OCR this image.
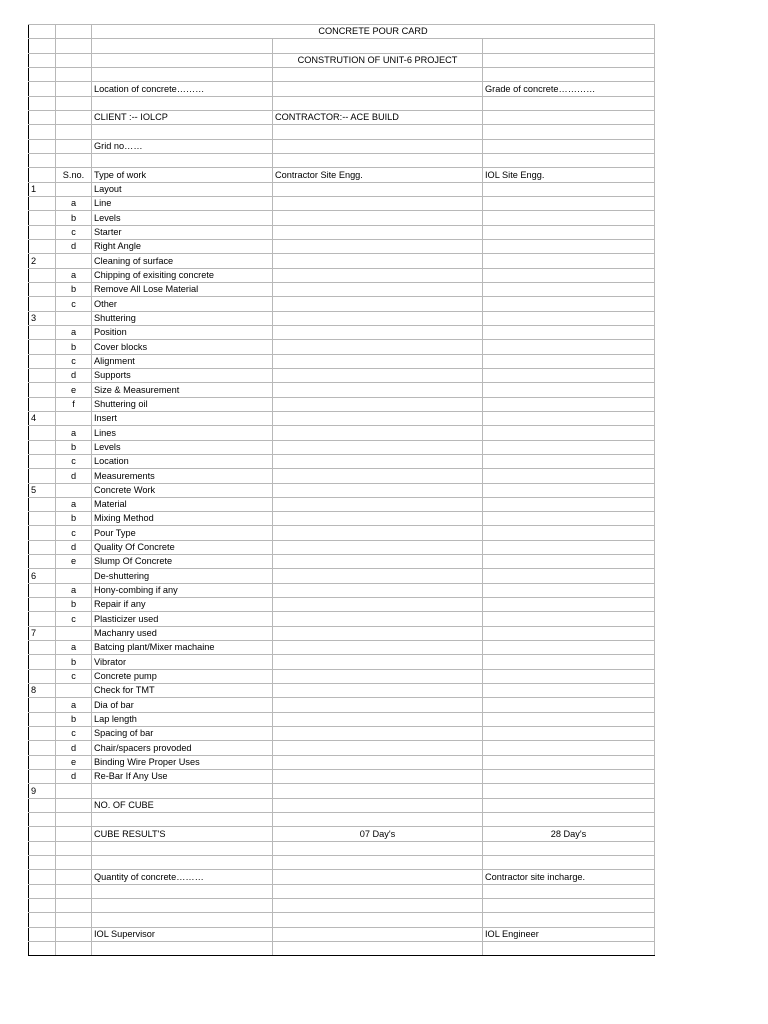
		CONCRETE POUR CARD		

			CONSTRUTION OF UNIT-6 PROJECT	

		Location of concrete………		Grade of concrete…………

		CLIENT :-- IOLCP	CONTRACTOR:-- ACE BUILD	

		Grid no……		

	S.no.	Type of work	Contractor Site Engg.	IOL Site Engg.
1		Layout		
	a	Line		
	b	Levels		
	c	Starter		
	d	Right Angle		
2		Cleaning of surface		
	a	Chipping of exisiting concrete		
	b	Remove All Lose Material		
	c	Other		
3		Shuttering		
	a	Position		
	b	Cover blocks		
	c	Alignment		
	d	Supports		
	e	Size & Measurement		
	f	Shuttering oil		
4		Insert		
	a	Lines		
	b	Levels		
	c	Location		
	d	Measurements		
5		Concrete Work		
	a	Material		
	b	Mixing Method		
	c	Pour Type		
	d	Quality Of Concrete		
	e	Slump Of Concrete		
6		De-shuttering		
	a	Hony-combing if any		
	b	Repair if any		
	c	Plasticizer used		
7		Machanry used		
	a	Batcing plant/Mixer machaine		
	b	Vibrator		
	c	Concrete pump		
8		Check for TMT		
	a	Dia of bar		
	b	Lap length		
	c	Spacing of bar		
	d	Chair/spacers provoded		
	e	Binding Wire Proper Uses		
	d	Re-Bar If Any Use		
9				
		NO. OF CUBE		

		CUBE RESULT'S	07 Day's	28 Day's

		Quantity of concrete………		Contractor site incharge.

		IOL Supervisor		IOL Engineer
